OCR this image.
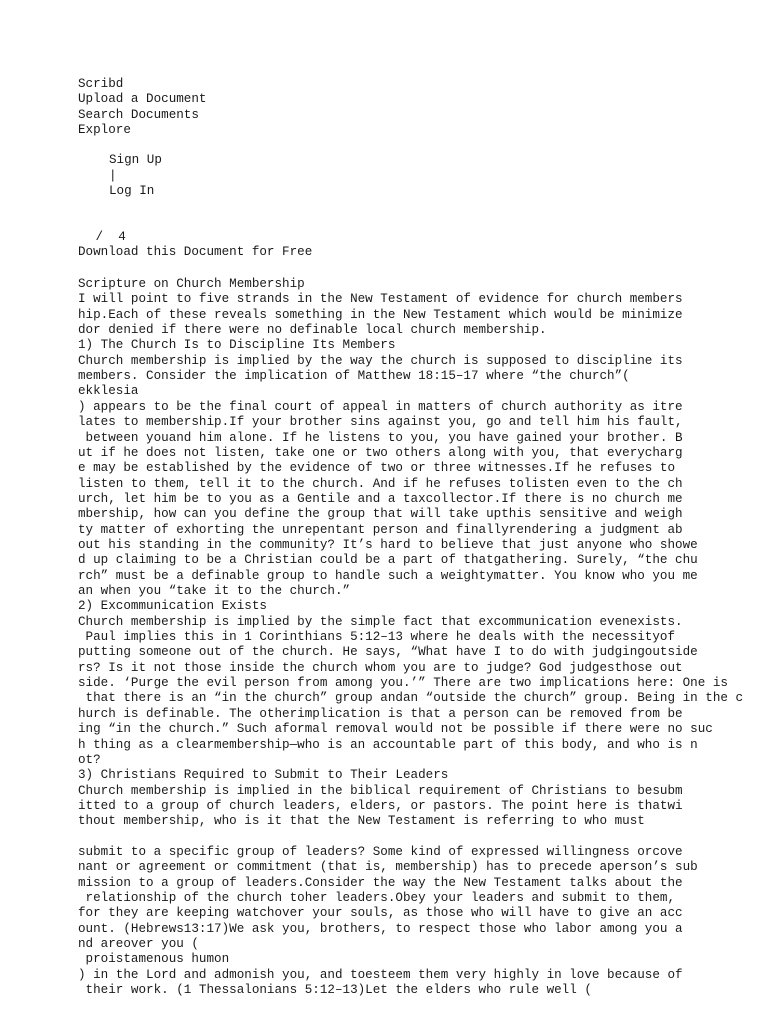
Scribd
Upload a Document
Search Documents
Explore
Sign Up
|
Log In
/  4
Download this Document for Free
Scripture on Church Membership
I will point to five strands in the New Testament of evidence for church members
hip.Each of these reveals something in the New Testament which would be minimize
dor denied if there were no definable local church membership.
1) The Church Is to Discipline Its Members
Church membership is implied by the way the church is supposed to discipline its
members. Consider the implication of Matthew 18:15–17 where “the church”(
ekklesia
) appears to be the final court of appeal in matters of church authority as itre
lates to membership.If your brother sins against you, go and tell him his fault,
between youand him alone. If he listens to you, you have gained your brother. B
ut if he does not listen, take one or two others along with you, that everycharg
e may be established by the evidence of two or three witnesses.If he refuses to
listen to them, tell it to the church. And if he refuses tolisten even to the ch
urch, let him be to you as a Gentile and a taxcollector.If there is no church me
mbership, how can you define the group that will take upthis sensitive and weigh
ty matter of exhorting the unrepentant person and finallyrendering a judgment ab
out his standing in the community? It’s hard to believe that just anyone who showe
d up claiming to be a Christian could be a part of thatgathering. Surely, “the chu
rch” must be a definable group to handle such a weightymatter. You know who you me
an when you “take it to the church.”
2) Excommunication Exists
Church membership is implied by the simple fact that excommunication evenexists.
Paul implies this in 1 Corinthians 5:12–13 where he deals with the necessityof
putting someone out of the church. He says, “What have I to do with judgingoutside
rs? Is it not those inside the church whom you are to judge? God judgesthose out
side. ‘Purge the evil person from among you.’” There are two implications here: One is
that there is an “in the church” group andan “outside the church” group. Being in the c
hurch is definable. The otherimplication is that a person can be removed from be
ing “in the church.” Such aformal removal would not be possible if there were no suc
h thing as a clearmembership—who is an accountable part of this body, and who is n
ot?
3) Christians Required to Submit to Their Leaders
Church membership is implied in the biblical requirement of Christians to besubm
itted to a group of church leaders, elders, or pastors. The point here is thatwi
thout membership, who is it that the New Testament is referring to who must
submit to a specific group of leaders? Some kind of expressed willingness orcove
nant or agreement or commitment (that is, membership) has to precede aperson’s sub
mission to a group of leaders.Consider the way the New Testament talks about the
relationship of the church toher leaders.Obey your leaders and submit to them,
for they are keeping watchover your souls, as those who will have to give an acc
ount. (Hebrews13:17)We ask you, brothers, to respect those who labor among you a
nd areover you (
proistamenous humon
) in the Lord and admonish you, and toesteem them very highly in love because of
their work. (1 Thessalonians 5:12–13)Let the elders who rule well (
